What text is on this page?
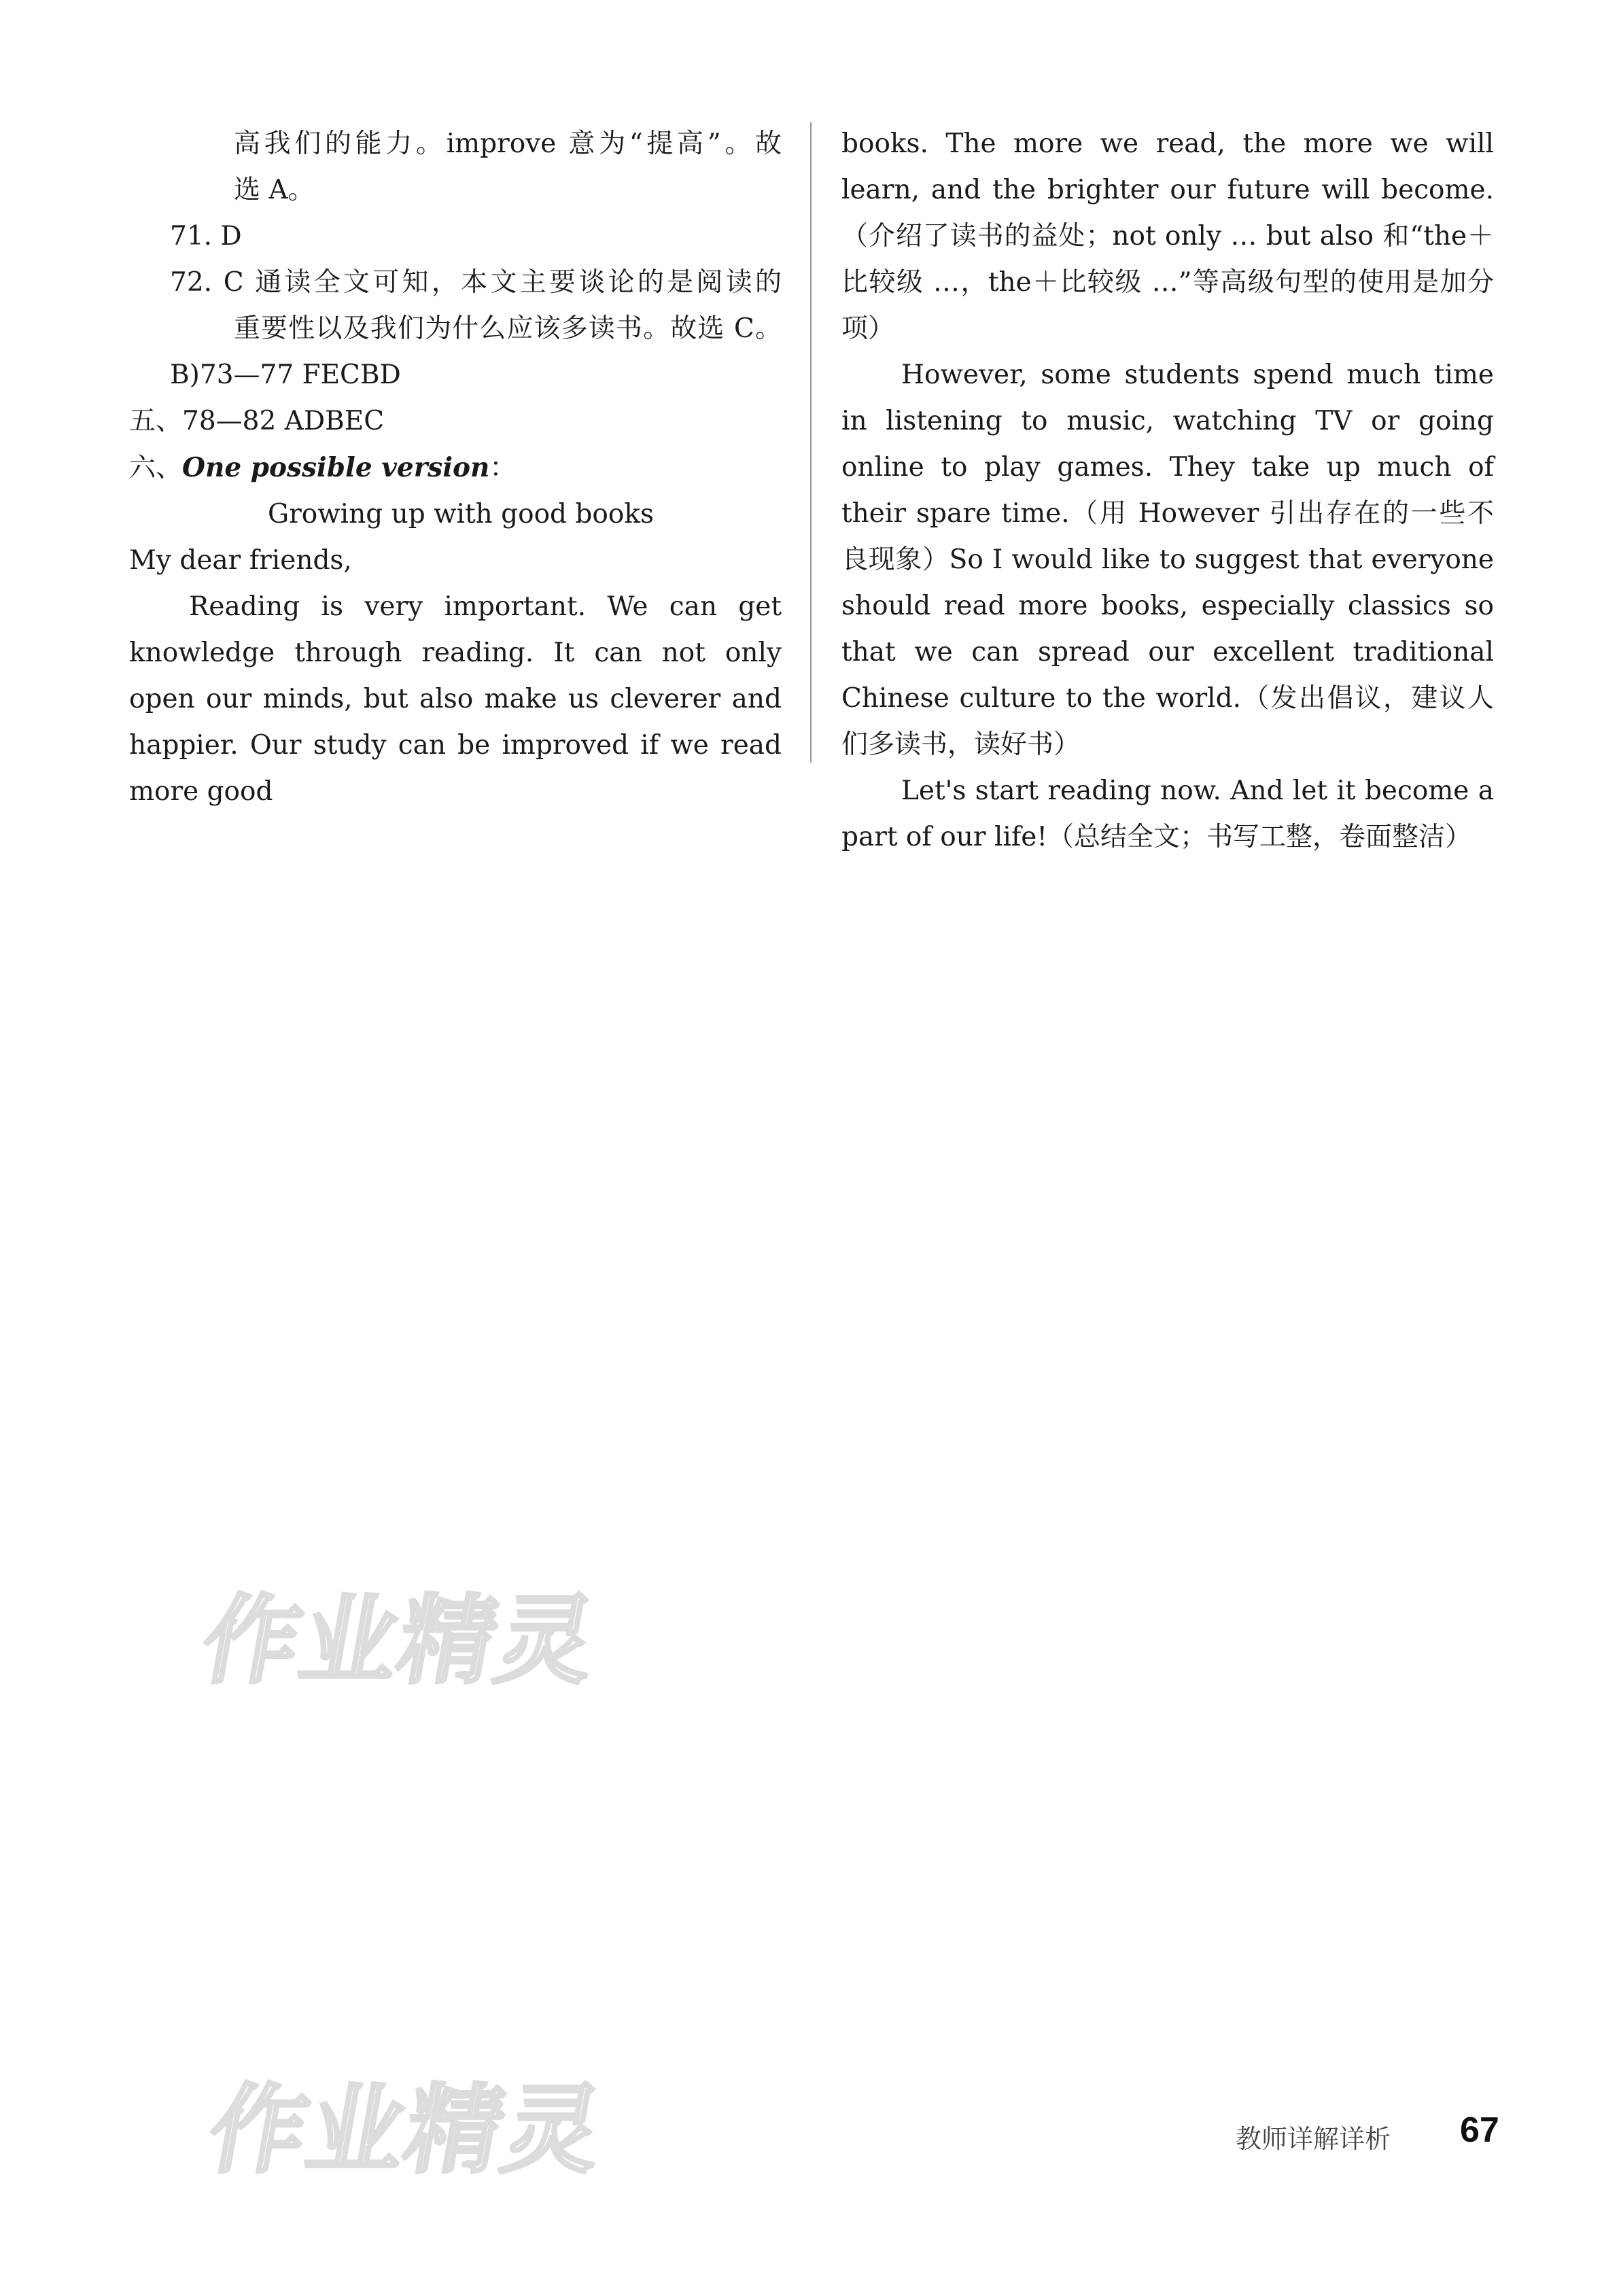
高我们的能力。improve 意为“提高”。故
选 A。
71. D
72. C 通读全文可知，本文主要谈论的是阅读的
重要性以及我们为什么应该多读书。故选 C。
B)73—77 FECBD
五、78—82 ADBEC
六、One possible version：
Growing up with good books
My dear friends,
Reading is very important. We can get knowledge through reading. It can not only open our minds, but also make us cleverer and happier. Our study can be improved if we read more good
books. The more we read, the more we will learn, and the brighter our future will become.（介绍了读书的益处；not only … but also 和“the＋比较级 …，the＋比较级 …”等高级句型的使用是加分项）
However, some students spend much time in listening to music, watching TV or going online to play games. They take up much of their spare time.（用 However 引出存在的一些不良现象）So I would like to suggest that everyone should read more books, especially classics so that we can spread our excellent traditional Chinese culture to the world.（发出倡议，建议人们多读书，读好书）
Let's start reading now. And let it become a part of our life!（总结全文；书写工整，卷面整洁）
作业精灵
作业精灵	教师详解详析 67
